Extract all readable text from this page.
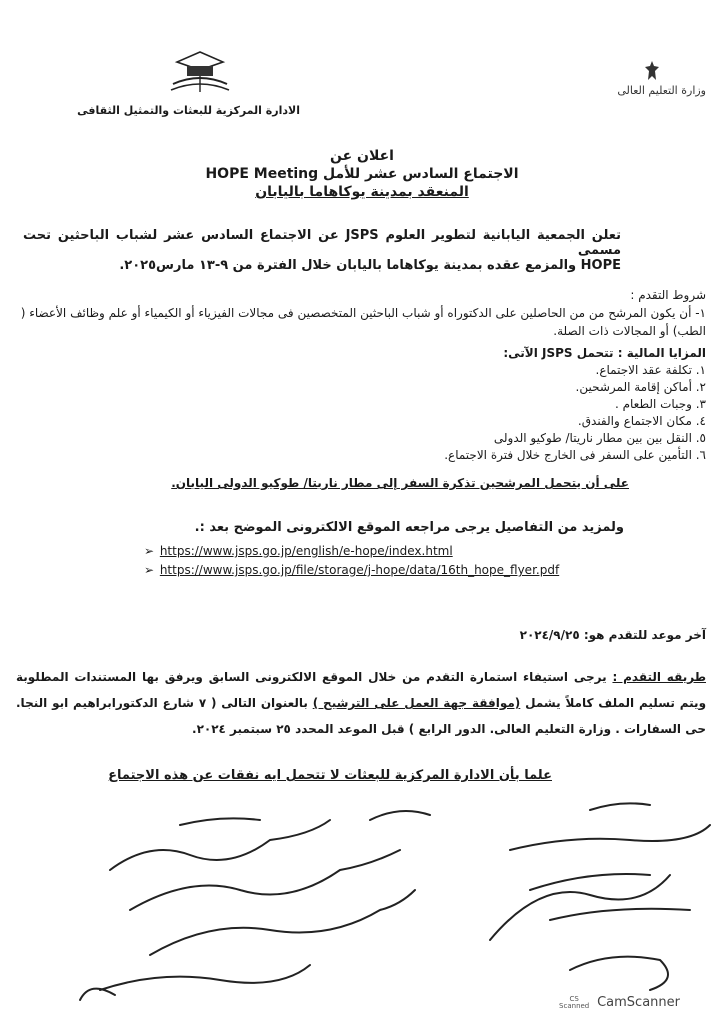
الادارة المركزية للبعثات والتمثيل الثقافى
وزارة التعليم العالى
اعلان عن
الاجتماع السادس عشر للأمل HOPE Meeting
المنعقد بمدينة يوكاهاما باليابان
تعلن الجمعية اليابانية لتطوير العلوم JSPS عن الاجتماع السادس عشر لشباب الباحثين تحت مسمى
HOPE والمزمع عقده بمدينة يوكاهاما باليابان خلال الفترة من ٩-١٣ مارس٢٠٢٥.
شروط التقدم :
١- أن يكون المرشح من من الحاصلين على الدكتوراه أو شباب الباحثين المتخصصين فى مجالات الفيزياء أو الكيمياء أو علم وظائف الأعضاء ( الطب) أو المجالات ذات الصلة.
المزايا المالية : تتحمل JSPS الآتى:
١. تكلفة عقد الاجتماع.
٢. أماكن إقامة المرشحين.
٣. وجبات الطعام .
٤. مكان الاجتماع والفندق.
٥. النقل بين بين مطار ناريتا/ طوكيو الدولى
٦. التأمين على السفر فى الخارج خلال فترة الاجتماع.
على أن يتحمل المرشحين تذكرة السفر إلى مطار ناريتا/ طوكيو الدولى اليابان.
ولمزيد من التفاصيل يرجى مراجعه الموقع الالكترونى الموضح بعد :.
➢ https://www.jsps.go.jp/english/e-hope/index.html
➢ https://www.jsps.go.jp/file/storage/j-hope/data/16th_hope_flyer.pdf
آخر موعد للتقدم هو: ٢٠٢٤/٩/٢٥
طريقه التقدم : يرجى استيفاء استمارة التقدم من خلال الموقع الالكترونى السابق ويرفق بها المستندات المطلوبة ويتم تسليم الملف كاملاً يشمل (موافقة جهة العمل على الترشيح ) بالعنوان التالى ( ٧ شارع الدكتورابراهيم ابو النجا. حى السفارات . وزارة التعليم العالى. الدور الرابع ) قبل الموعد المحدد ٢٥ سبتمبر ٢٠٢٤.
علما بأن الادارة المركزية للبعثات لا تتحمل ايه نفقات عن هذه الاجتماع
CS
Scanned CamScanner
